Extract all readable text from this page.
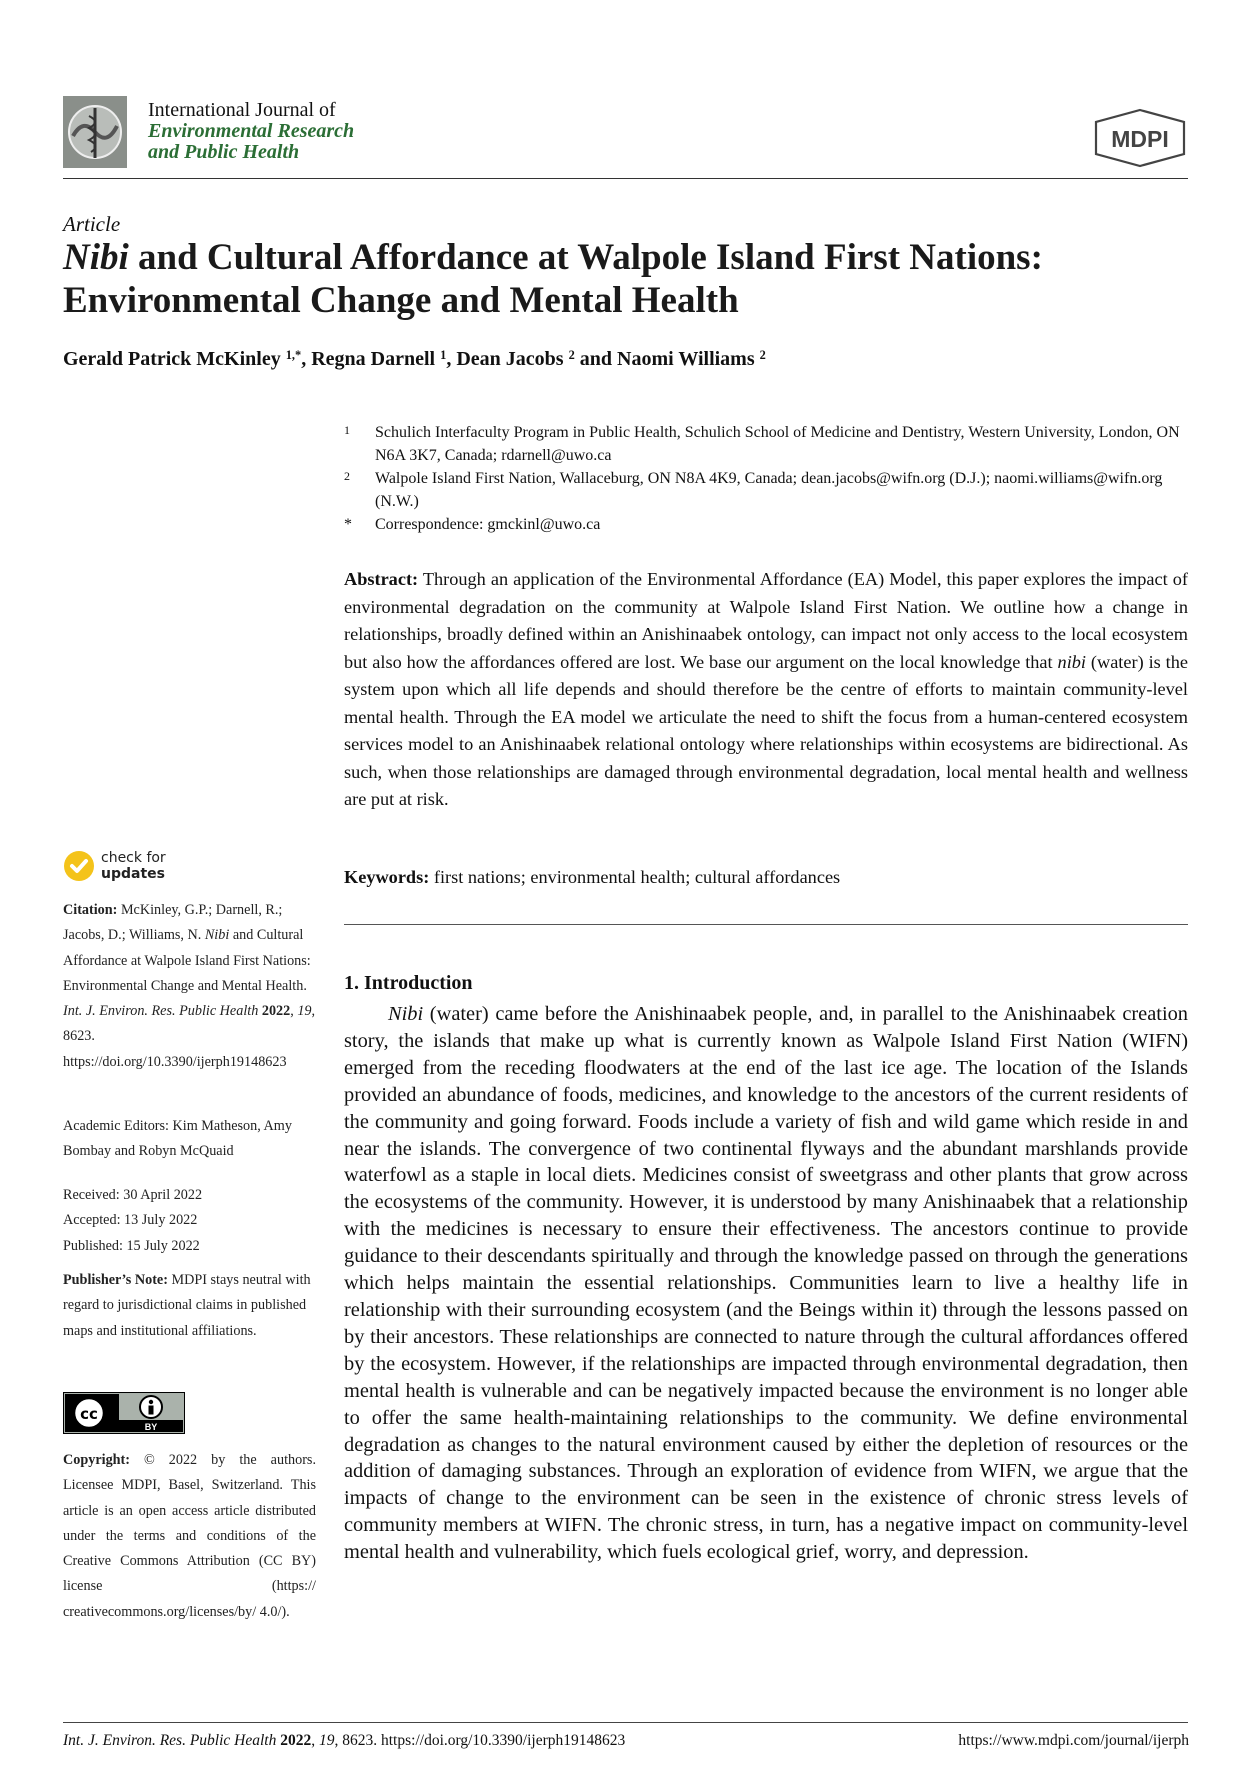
International Journal of
Environmental Research
and Public Health	MDPI
Article
Nibi and Cultural Affordance at Walpole Island First Nations:
Environmental Change and Mental Health
Gerald Patrick McKinley $^{1,*}$, Regna Darnell $^1$, Dean Jacobs $^2$ and Naomi Williams $^2$
1	Schulich Interfaculty Program in Public Health, Schulich School of Medicine and Dentistry, Western University, London, ON N6A 3K7, Canada; rdarnell@uwo.ca
2	Walpole Island First Nation, Wallaceburg, ON N8A 4K9, Canada; dean.jacobs@wifn.org (D.J.); naomi.williams@wifn.org (N.W.)
*	Correspondence: gmckinl@uwo.ca
Abstract: Through an application of the Environmental Affordance (EA) Model, this paper explores the impact of environmental degradation on the community at Walpole Island First Nation. We outline how a change in relationships, broadly defined within an Anishinaabek ontology, can impact not only access to the local ecosystem but also how the affordances offered are lost. We base our argument on the local knowledge that nibi (water) is the system upon which all life depends and should therefore be the centre of efforts to maintain community-level mental health. Through the EA model we articulate the need to shift the focus from a human-centered ecosystem services model to an Anishinaabek relational ontology where relationships within ecosystems are bidirectional. As such, when those relationships are damaged through environmental degradation, local mental health and wellness are put at risk.
Keywords: first nations; environmental health; cultural affordances
1. Introduction
Nibi (water) came before the Anishinaabek people, and, in parallel to the Anishinaabek creation story, the islands that make up what is currently known as Walpole Island First Nation (WIFN) emerged from the receding floodwaters at the end of the last ice age. The location of the Islands provided an abundance of foods, medicines, and knowledge to the ancestors of the current residents of the community and going forward. Foods include a variety of fish and wild game which reside in and near the islands. The convergence of two continental flyways and the abundant marshlands provide waterfowl as a staple in local diets. Medicines consist of sweetgrass and other plants that grow across the ecosystems of the community. However, it is understood by many Anishinaabek that a relationship with the medicines is necessary to ensure their effectiveness. The ancestors continue to provide guidance to their descendants spiritually and through the knowledge passed on through the generations which helps maintain the essential relationships. Communities learn to live a healthy life in relationship with their surrounding ecosystem (and the Beings within it) through the lessons passed on by their ancestors. These relationships are connected to nature through the cultural affordances offered by the ecosystem. However, if the relationships are impacted through environmental degradation, then mental health is vulnerable and can be negatively impacted because the environment is no longer able to offer the same health-maintaining relationships to the community. We define environmental degradation as changes to the natural environment caused by either the depletion of resources or the addition of damaging substances. Through an exploration of evidence from WIFN, we argue that the impacts of change to the environment can be seen in the existence of chronic stress levels of community members at WIFN. The chronic stress, in turn, has a negative impact on community-level mental health and vulnerability, which fuels ecological grief, worry, and depression.
check for
updates
Citation: McKinley, G.P.; Darnell, R.; Jacobs, D.; Williams, N. Nibi and Cultural Affordance at Walpole Island First Nations: Environmental Change and Mental Health. Int. J. Environ. Res. Public Health 2022, 19, 8623. https://doi.org/10.3390/ijerph19148623
Academic Editors: Kim Matheson, Amy Bombay and Robyn McQuaid
Received: 30 April 2022
Accepted: 13 July 2022
Published: 15 July 2022
Publisher’s Note: MDPI stays neutral with regard to jurisdictional claims in published maps and institutional affiliations.
cc
BY
Copyright: © 2022 by the authors. Licensee MDPI, Basel, Switzerland. This article is an open access article distributed under the terms and conditions of the Creative Commons Attribution (CC BY) license (https:// creativecommons.org/licenses/by/ 4.0/).
Int. J. Environ. Res. Public Health 2022, 19, 8623. https://doi.org/10.3390/ijerph19148623	https://www.mdpi.com/journal/ijerph
